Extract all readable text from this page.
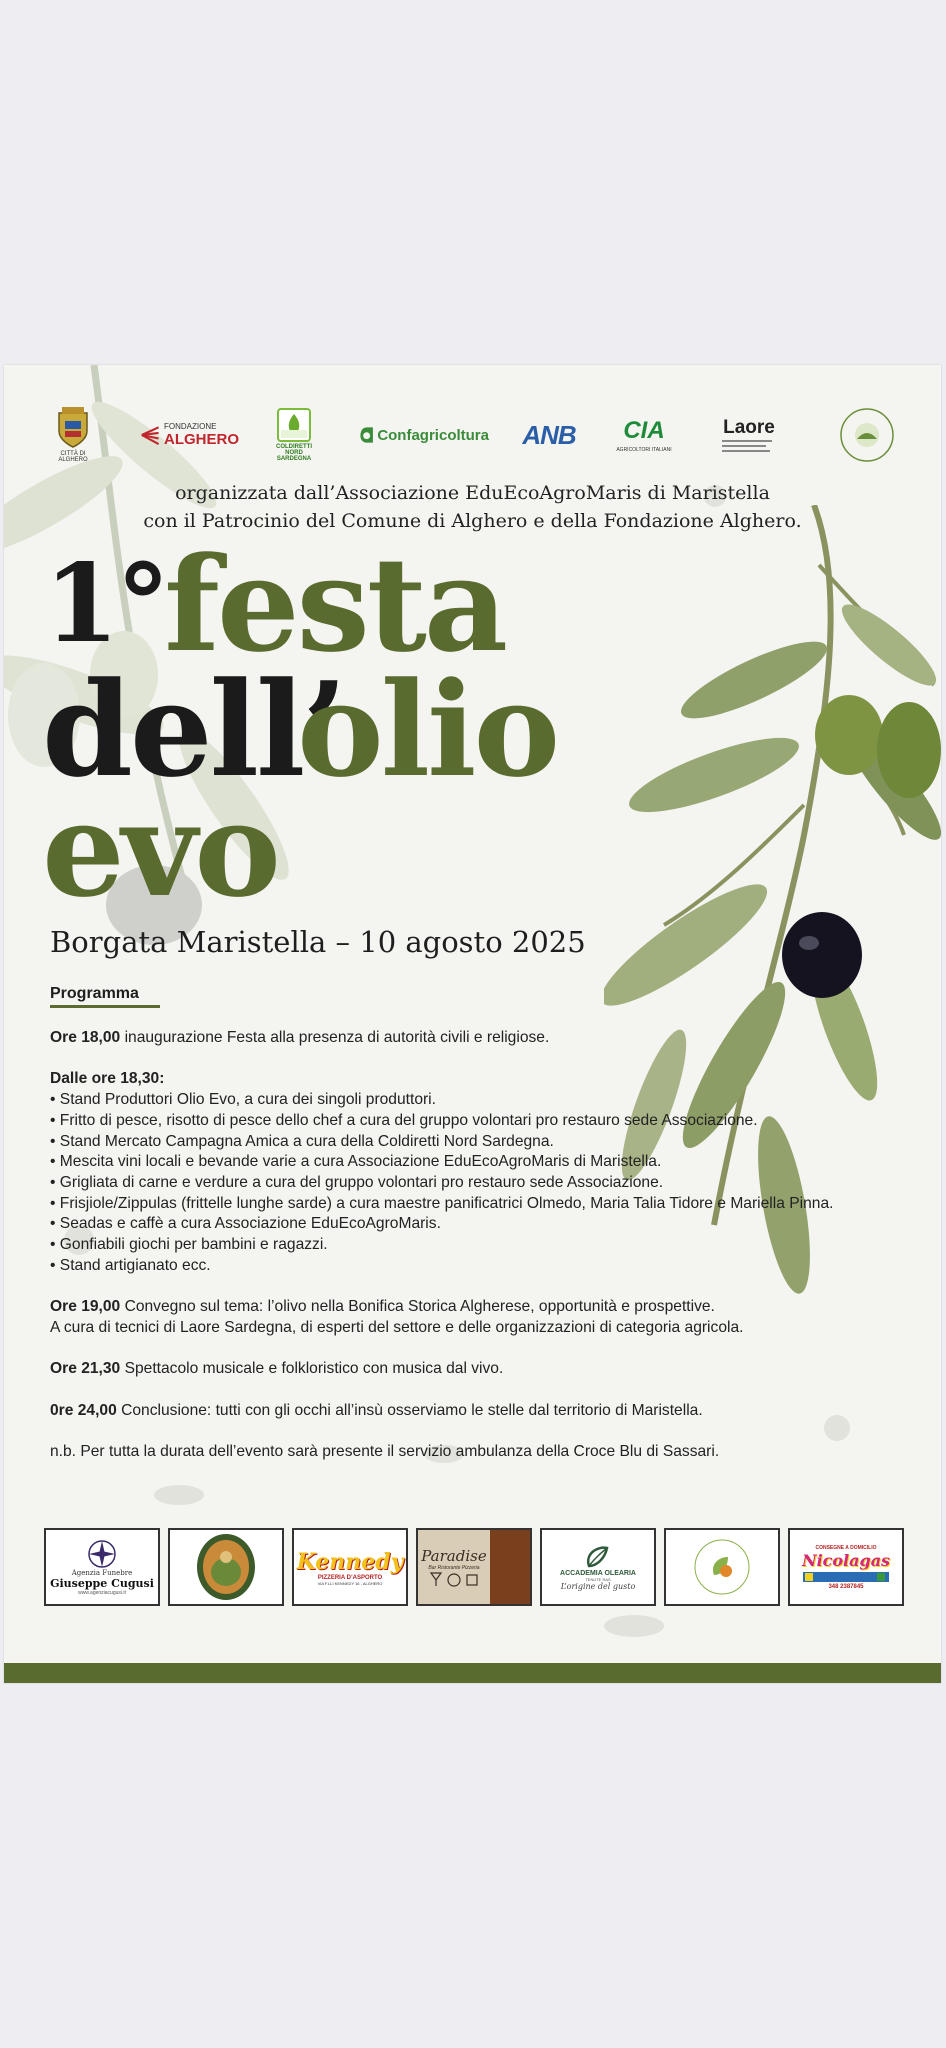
CITTÀ DI ALGHERO
FONDAZIONE
ALGHERO	COLDIRETTI NORD SARDEGNA
Confagricoltura ANB CIA
AGRICOLTORI ITALIANI
Laore
organizzata dall’Associazione EduEcoAgroMaris di Maristella
con il Patrocinio del Comune di Alghero e della Fondazione Alghero.
1°
festa
dell’
olio
evo
Borgata Maristella – 10 agosto 2025
Programma

Ore 18,00 inaugurazione Festa alla presenza di autorità civili e religiose.

Dalle ore 18,30:

• Stand Produttori Olio Evo, a cura dei singoli produttori.

• Fritto di pesce, risotto di pesce dello chef a cura del gruppo volontari pro restauro sede Associazione.

• Stand Mercato Campagna Amica a cura della Coldiretti Nord Sardegna.

• Mescita vini locali e bevande varie a cura Associazione EduEcoAgroMaris di Maristella.

• Grigliata di carne e verdure a cura del gruppo volontari pro restauro sede Associazione.

• Frisjiole/Zippulas (frittelle lunghe sarde) a cura maestre panificatrici Olmedo, Maria Talia Tidore e Mariella Pinna.

• Seadas e caffè a cura Associazione EduEcoAgroMaris.

• Gonfiabili giochi per bambini e ragazzi.

• Stand artigianato ecc.

Ore 19,00 Convegno sul tema: l’olivo nella Bonifica Storica Algherese, opportunità e prospettive.

A cura di tecnici di Laore Sardegna, di esperti del settore e delle organizzazioni di categoria agricola.

Ore 21,30 Spettacolo musicale e folkloristico con musica dal vivo.

0re 24,00 Conclusione: tutti con gli occhi all’insù osserviamo le stelle dal territorio di Maristella.

n.b. Per tutta la durata dell’evento sarà presente il servizio ambulanza della Croce Blu di Sassari.

Agenzia Funebre
Giuseppe Cugusi
www.agenziacugusi.it
Kennedy
PIZZERIA D’ASPORTO
VIA F.LLI KENNEDY 16 - ALGHERO
Paradise
Bar Ristorante Pizzeria
ACCADEMIA OLEARIA
TENUTE RAS
L’origine del gusto
CONSEGNE A DOMICILIO
Nicolagas
348 2387845
